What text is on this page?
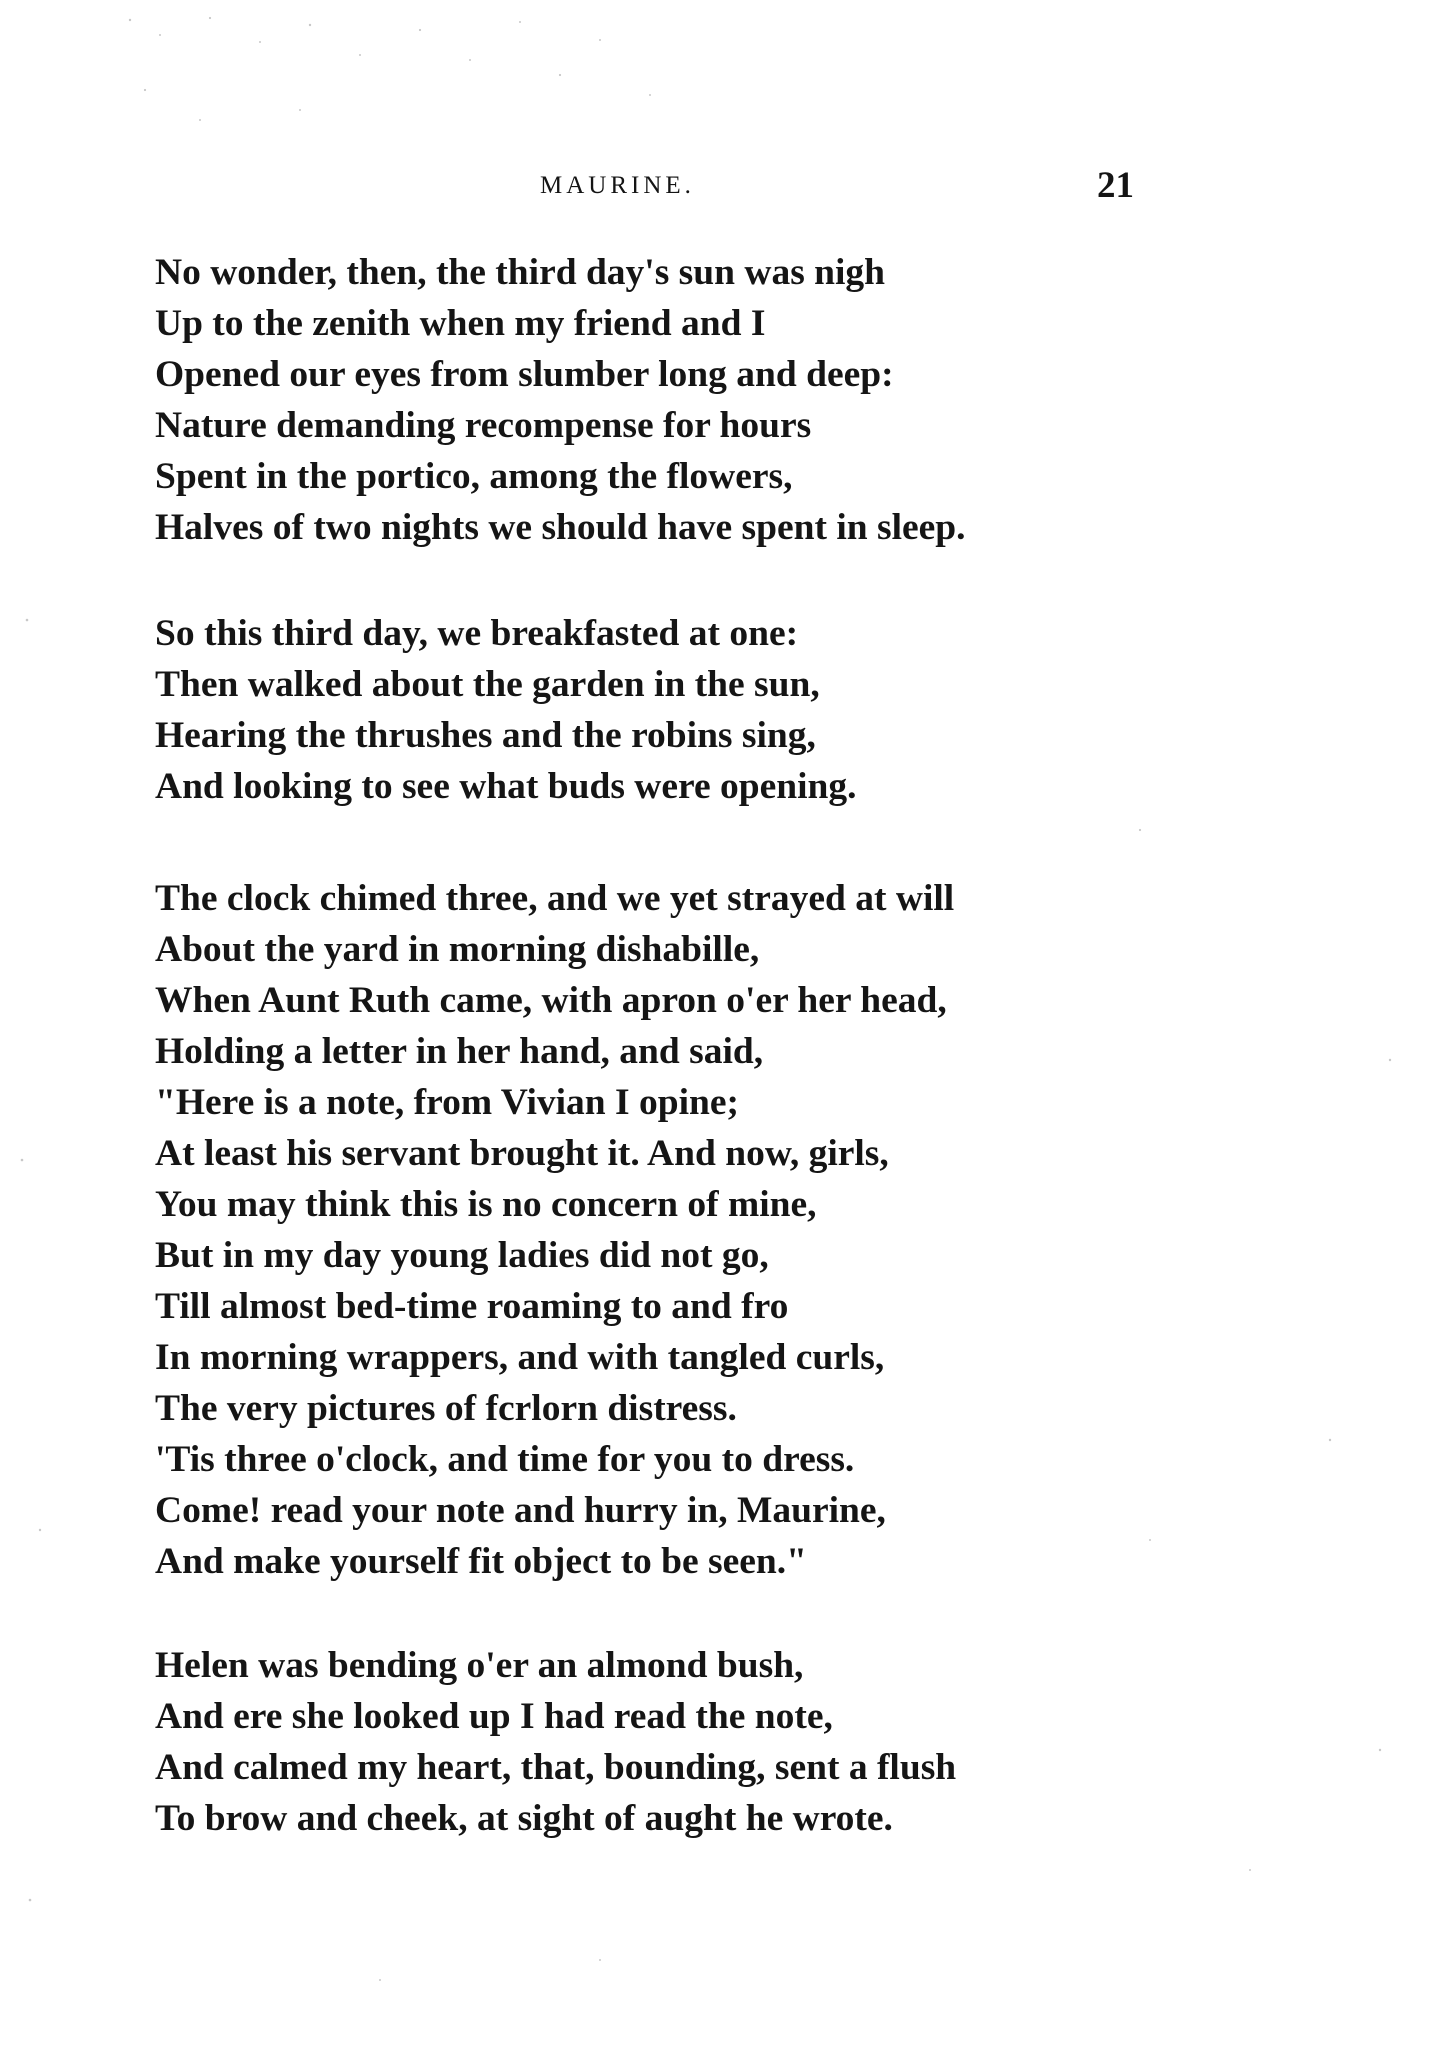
MAURINE.	21
No wonder, then, the third day's sun was nigh
Up to the zenith when my friend and I
Opened our eyes from slumber long and deep:
Nature demanding recompense for hours
Spent in the portico, among the flowers,
Halves of two nights we should have spent in sleep.
So this third day, we breakfasted at one:
Then walked about the garden in the sun,
Hearing the thrushes and the robins sing,
And looking to see what buds were opening.
The clock chimed three, and we yet strayed at will
About the yard in morning dishabille,
When Aunt Ruth came, with apron o'er her head,
Holding a letter in her hand, and said,
"Here is a note, from Vivian I opine;
At least his servant brought it. And now, girls,
You may think this is no concern of mine,
But in my day young ladies did not go,
Till almost bed-time roaming to and fro
In morning wrappers, and with tangled curls,
The very pictures of fcrlorn distress.
'Tis three o'clock, and time for you to dress.
Come! read your note and hurry in, Maurine,
And make yourself fit object to be seen."
Helen was bending o'er an almond bush,
And ere she looked up I had read the note,
And calmed my heart, that, bounding, sent a flush
To brow and cheek, at sight of aught he wrote.
